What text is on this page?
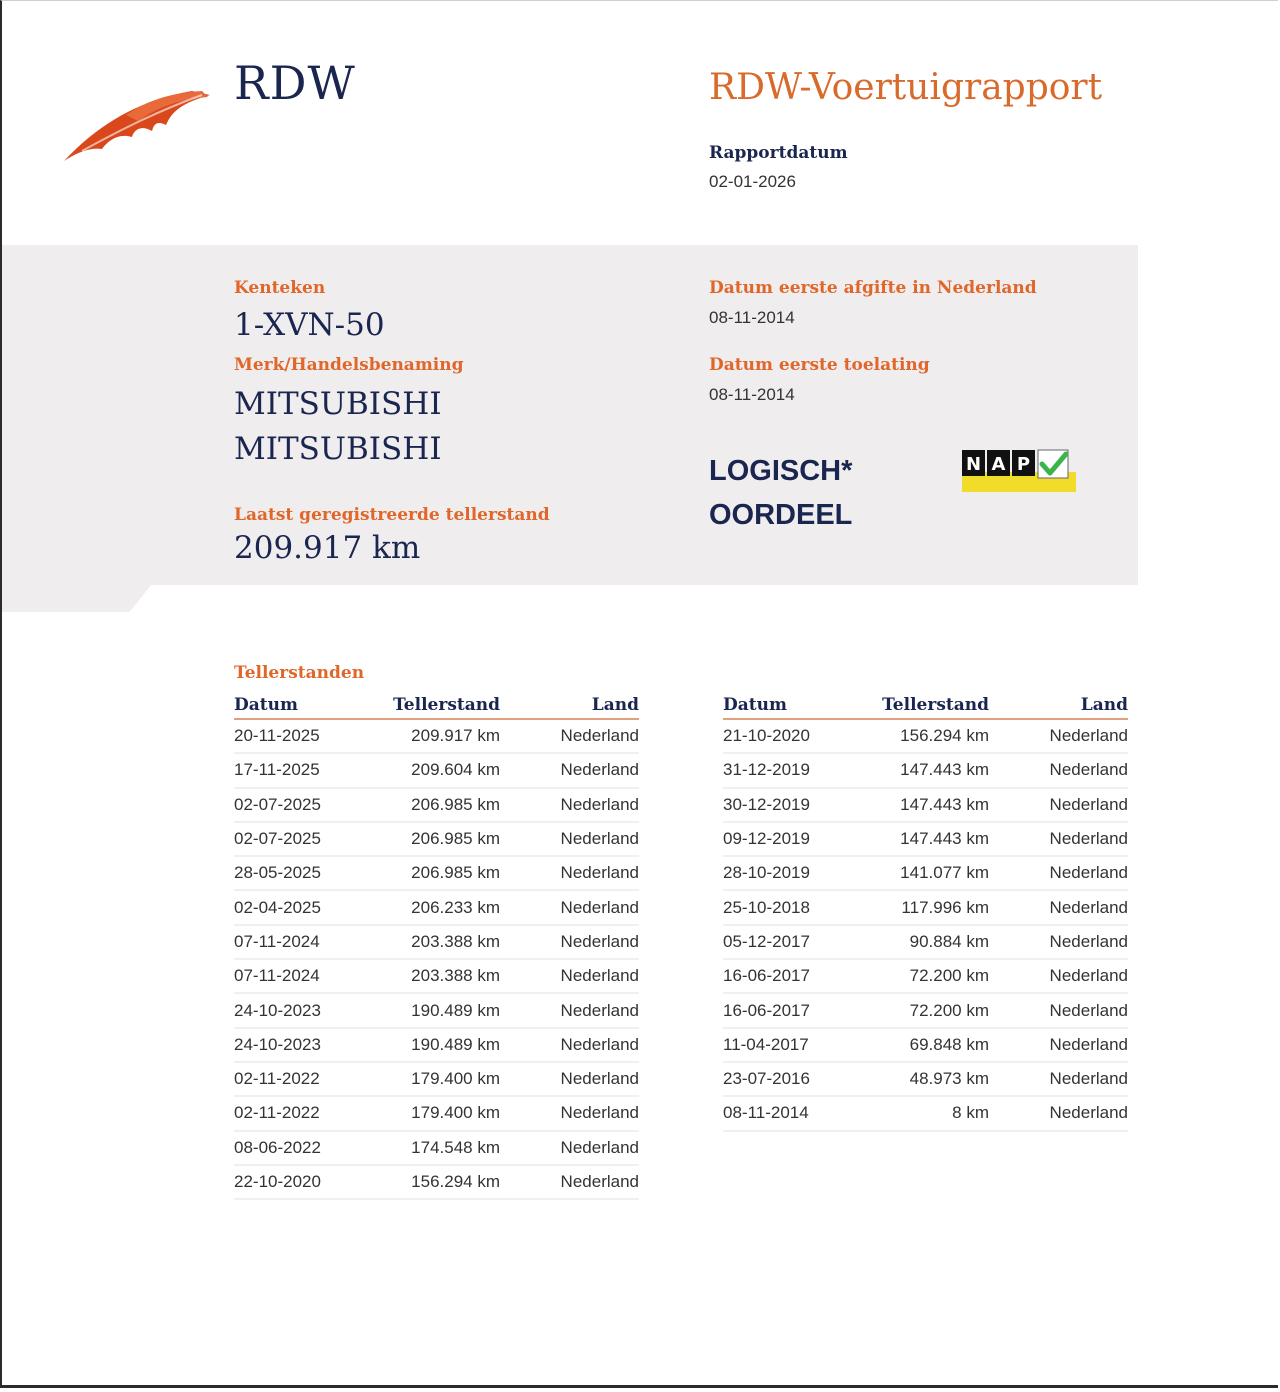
RDW	RDW-Voertuigrapport
Rapportdatum
02-01-2026
Kenteken
1-XVN-50
Merk/Handelsbenaming
MITSUBISHI
MITSUBISHI
Laatst geregistreerde tellerstand
209.917 km
Datum eerste afgifte in Nederland
08-11-2014
Datum eerste toelating
08-11-2014
LOGISCH*
OORDEEL
N A P
Tellerstanden
Datum	Tellerstand	Land
20-11-2025	209.917 km	Nederland
17-11-2025	209.604 km	Nederland
02-07-2025	206.985 km	Nederland
02-07-2025	206.985 km	Nederland
28-05-2025	206.985 km	Nederland
02-04-2025	206.233 km	Nederland
07-11-2024	203.388 km	Nederland
07-11-2024	203.388 km	Nederland
24-10-2023	190.489 km	Nederland
24-10-2023	190.489 km	Nederland
02-11-2022	179.400 km	Nederland
02-11-2022	179.400 km	Nederland
08-06-2022	174.548 km	Nederland
22-10-2020	156.294 km	Nederland
Datum	Tellerstand	Land
21-10-2020	156.294 km	Nederland
31-12-2019	147.443 km	Nederland
30-12-2019	147.443 km	Nederland
09-12-2019	147.443 km	Nederland
28-10-2019	141.077 km	Nederland
25-10-2018	117.996 km	Nederland
05-12-2017	90.884 km	Nederland
16-06-2017	72.200 km	Nederland
16-06-2017	72.200 km	Nederland
11-04-2017	69.848 km	Nederland
23-07-2016	48.973 km	Nederland
08-11-2014	8 km	Nederland
